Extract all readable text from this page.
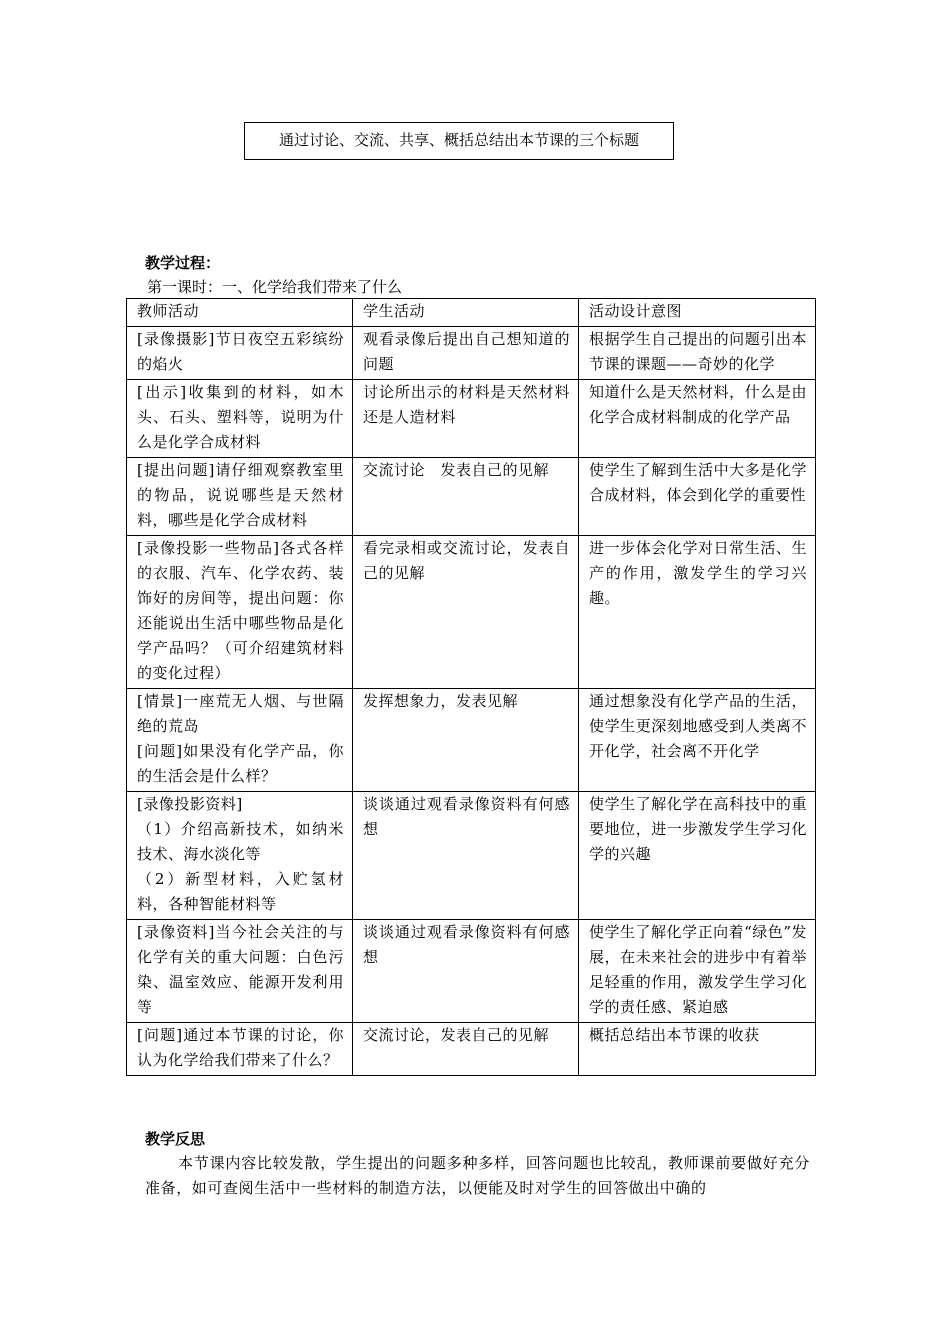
通过讨论、交流、共享、概括总结出本节课的三个标题
教学过程：
第一课时：一、化学给我们带来了什么
教师活动	学生活动	活动设计意图
[录像摄影]节日夜空五彩缤纷的焰火	观看录像后提出自己想知道的问题	根据学生自己提出的问题引出本节课的课题——奇妙的化学
[出示]收集到的材料，如木头、石头、塑料等，说明为什么是化学合成材料	讨论所出示的材料是天然材料还是人造材料	知道什么是天然材料，什么是由化学合成材料制成的化学产品
[提出问题]请仔细观察教室里的物品，说说哪些是天然材料，哪些是化学合成材料	交流讨论　发表自己的见解	使学生了解到生活中大多是化学合成材料，体会到化学的重要性
[录像投影一些物品]各式各样的衣服、汽车、化学农药、装饰好的房间等，提出问题：你还能说出生活中哪些物品是化学产品吗？（可介绍建筑材料的变化过程）	看完录相或交流讨论，发表自己的见解	进一步体会化学对日常生活、生产的作用，激发学生的学习兴趣。

[情景]一座荒无人烟、与世隔绝的荒岛
[问题]如果没有化学产品，你的生活会是什么样？	发挥想象力，发表见解	通过想象没有化学产品的生活，使学生更深刻地感受到人类离不开化学，社会离不开化学

[录像投影资料]
（1）介绍高新技术，如纳米技术、海水淡化等
（2）新型材料，入贮氢材料，各种智能材料等	谈谈通过观看录像资料有何感想	使学生了解化学在高科技中的重要地位，进一步激发学生学习化学的兴趣
[录像资料]当今社会关注的与化学有关的重大问题：白色污染、温室效应、能源开发利用等	谈谈通过观看录像资料有何感想	使学生了解化学正向着“绿色”发展，在未来社会的进步中有着举足轻重的作用，激发学生学习化学的责任感、紧迫感
[问题]通过本节课的讨论，你认为化学给我们带来了什么？	交流讨论，发表自己的见解	概括总结出本节课的收获
教学反思
本节课内容比较发散，学生提出的问题多种多样，回答问题也比较乱，教师课前要做好充分准备，如可查阅生活中一些材料的制造方法，以便能及时对学生的回答做出中确的
